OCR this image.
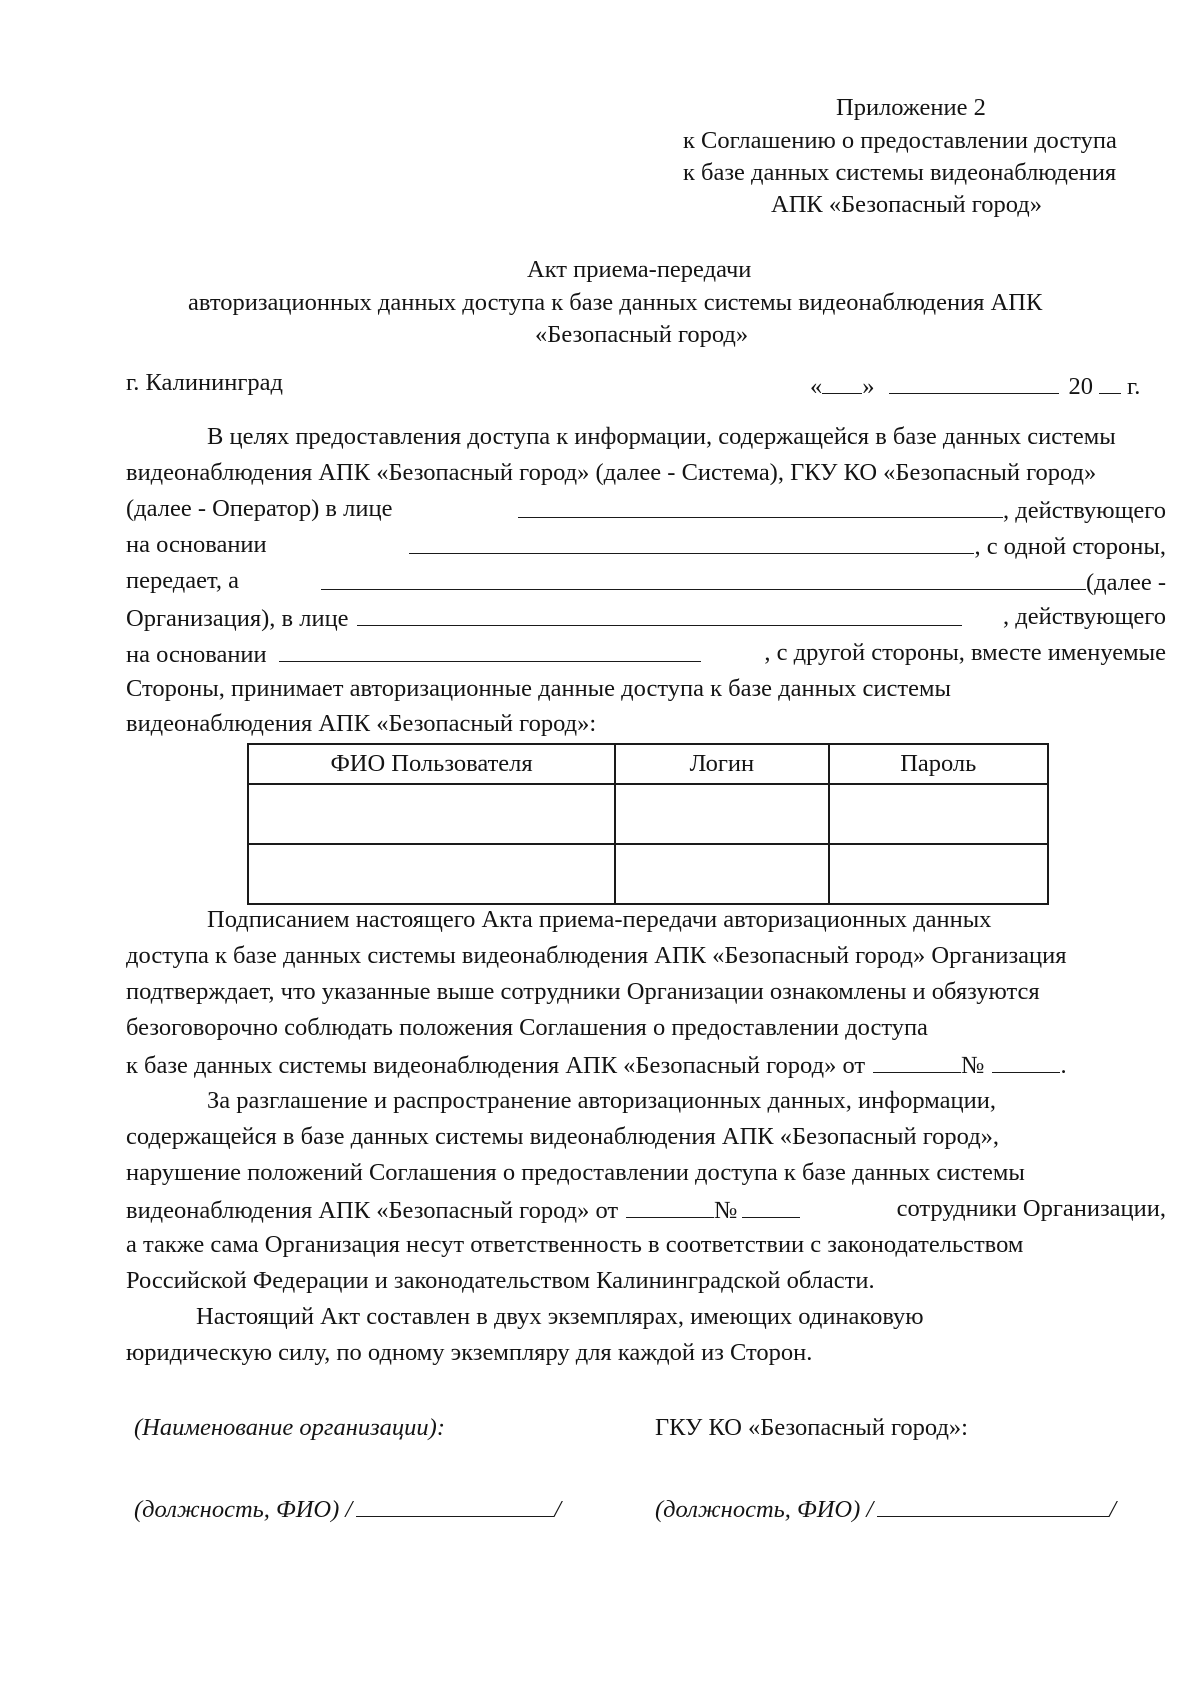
Приложение 2
к Соглашению о предоставлении доступа
к базе данных системы видеонаблюдения
АПК «Безопасный город»
Акт приема-передачи
авторизационных данных доступа к базе данных системы видеонаблюдения АПК
«Безопасный город»
г. Калининград	« »	20 г.
В целях предоставления доступа к информации, содержащейся в базе данных системы
видеонаблюдения АПК «Безопасный город» (далее - Система), ГКУ КО «Безопасный город»
(далее - Оператор) в лице	, действующего
на основании	, с одной стороны,
передает, а	(далее -
Организация), в лице	, действующего
на основании	, с другой стороны, вместе именуемые
Стороны, принимает авторизационные данные доступа к базе данных системы
видеонаблюдения АПК «Безопасный город»:
ФИО Пользователя	Логин	Пароль

Подписанием настоящего Акта приема-передачи авторизационных данных
доступа к базе данных системы видеонаблюдения АПК «Безопасный город» Организация
подтверждает, что указанные выше сотрудники Организации ознакомлены и обязуются
безоговорочно соблюдать положения Соглашения о предоставлении доступа
к базе данных системы видеонаблюдения АПК «Безопасный город» от	№	.
За разглашение и распространение авторизационных данных, информации,
содержащейся в базе данных системы видеонаблюдения АПК «Безопасный город»,
нарушение положений Соглашения о предоставлении доступа к базе данных системы
видеонаблюдения АПК «Безопасный город» от	№	сотрудники Организации,
а также сама Организация несут ответственность в соответствии с законодательством
Российской Федерации и законодательством Калининградской области.
Настоящий Акт составлен в двух экземплярах, имеющих одинаковую
юридическую силу, по одному экземпляру для каждой из Сторон.
(Наименование организации):	ГКУ КО «Безопасный город»:
(должность, ФИО) /	/	(должность, ФИО) /	/
